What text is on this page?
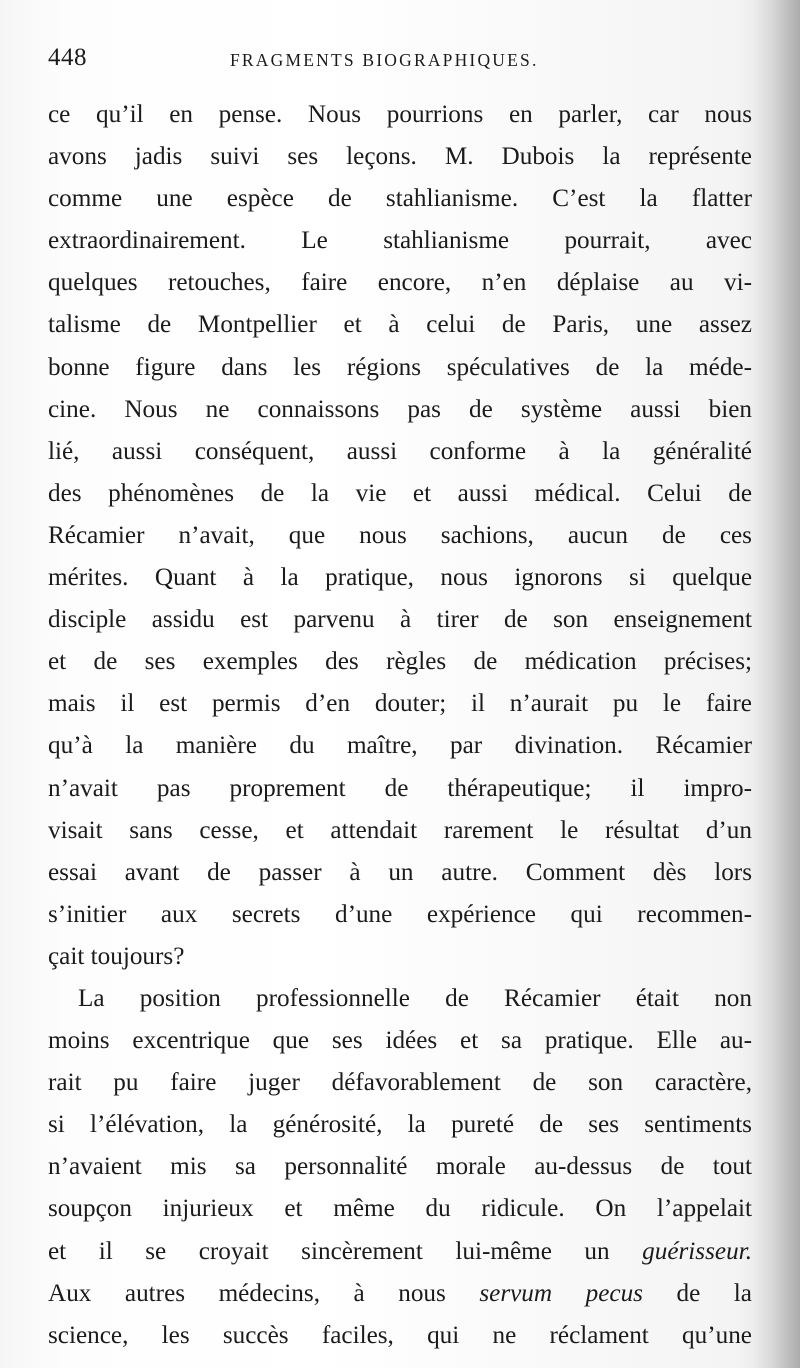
448	FRAGMENTS BIOGRAPHIQUES.
ce qu’il en pense. Nous pourrions en parler, car nous
avons jadis suivi ses leçons. M. Dubois la représente
comme une espèce de stahlianisme. C’est la flatter
extraordinairement. Le stahlianisme pourrait, avec
quelques retouches, faire encore, n’en déplaise au vi-
talisme de Montpellier et à celui de Paris, une assez
bonne figure dans les régions spéculatives de la méde-
cine. Nous ne connaissons pas de système aussi bien
lié, aussi conséquent, aussi conforme à la généralité
des phénomènes de la vie et aussi médical. Celui de
Récamier n’avait, que nous sachions, aucun de ces
mérites. Quant à la pratique, nous ignorons si quelque
disciple assidu est parvenu à tirer de son enseignement
et de ses exemples des règles de médication précises;
mais il est permis d’en douter; il n’aurait pu le faire
qu’à la manière du maître, par divination. Récamier
n’avait pas proprement de thérapeutique; il impro-
visait sans cesse, et attendait rarement le résultat d’un
essai avant de passer à un autre. Comment dès lors
s’initier aux secrets d’une expérience qui recommen-
çait toujours?
La position professionnelle de Récamier était non
moins excentrique que ses idées et sa pratique. Elle au-
rait pu faire juger défavorablement de son caractère,
si l’élévation, la générosité, la pureté de ses sentiments
n’avaient mis sa personnalité morale au-dessus de tout
soupçon injurieux et même du ridicule. On l’appelait
et il se croyait sincèrement lui-même un guérisseur.
Aux autres médecins, à nous servum pecus de la
science, les succès faciles, qui ne réclament qu’une
